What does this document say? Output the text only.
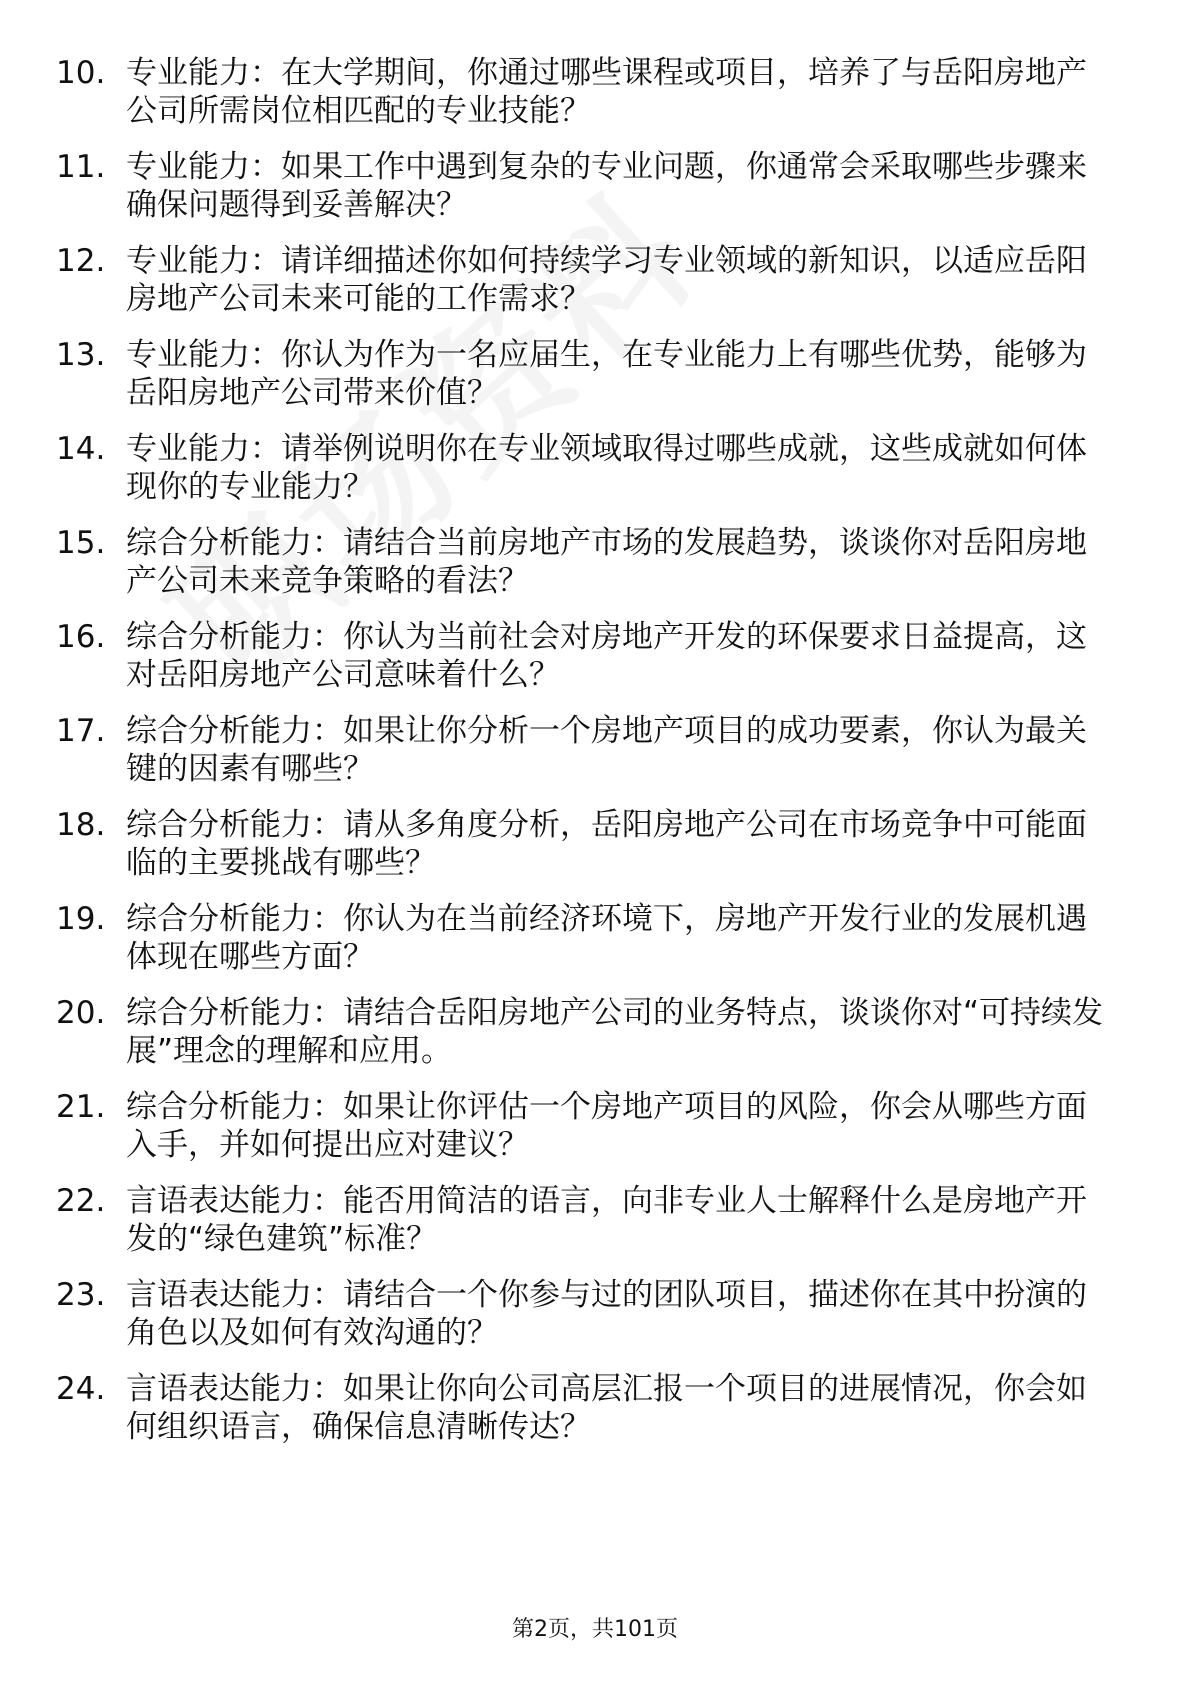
10. 专业能力：在大学期间，你通过哪些课程或项目，培养了与岳阳房地产公司所需岗位相匹配的专业技能？
11. 专业能力：如果工作中遇到复杂的专业问题，你通常会采取哪些步骤来确保问题得到妥善解决？
12. 专业能力：请详细描述你如何持续学习专业领域的新知识，以适应岳阳房地产公司未来可能的工作需求？
13. 专业能力：你认为作为一名应届生，在专业能力上有哪些优势，能够为岳阳房地产公司带来价值？
14. 专业能力：请举例说明你在专业领域取得过哪些成就，这些成就如何体现你的专业能力？
15. 综合分析能力：请结合当前房地产市场的发展趋势，谈谈你对岳阳房地产公司未来竞争策略的看法？
16. 综合分析能力：你认为当前社会对房地产开发的环保要求日益提高，这对岳阳房地产公司意味着什么？
17. 综合分析能力：如果让你分析一个房地产项目的成功要素，你认为最关键的因素有哪些？
18. 综合分析能力：请从多角度分析，岳阳房地产公司在市场竞争中可能面临的主要挑战有哪些？
19. 综合分析能力：你认为在当前经济环境下，房地产开发行业的发展机遇体现在哪些方面？
20. 综合分析能力：请结合岳阳房地产公司的业务特点，谈谈你对“可持续发展”理念的理解和应用。
21. 综合分析能力：如果让你评估一个房地产项目的风险，你会从哪些方面入手，并如何提出应对建议？
22. 言语表达能力：能否用简洁的语言，向非专业人士解释什么是房地产开发的“绿色建筑”标准？
23. 言语表达能力：请结合一个你参与过的团队项目，描述你在其中扮演的角色以及如何有效沟通的？
24. 言语表达能力：如果让你向公司高层汇报一个项目的进展情况，你会如何组织语言，确保信息清晰传达？
第2页，共101页
